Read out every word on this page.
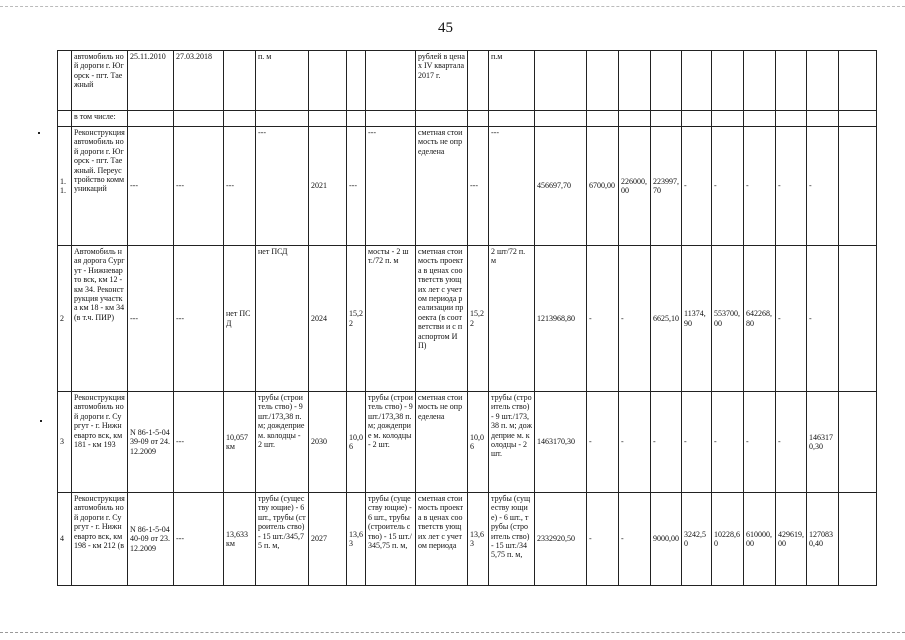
45
	автомобиль ной дороги г. Югорск - пгт. Таежный	25.11.2010	27.03.2018		п. м				рублей в ценах IV квартала 2017 г.		п.м										
	в том числе:																				
1. 1.	Реконструкция автомобиль ной дороги г. Югорск - пгт. Таежный. Переустройство коммуникаций	---	---	---	---	2021	---	---	сметная стоимость не определена	---	---	456697,70	6700,00	226000,00	223997,70	-	-	-	-	-	
2	Автомобиль ная дорога Сургут - Нижневарто вск, км 12 - км 34. Реконструкция участка км 18 - км 34 (в т.ч. ПИР)	---	---	нет ПСД	нет ПСД	2024	15,22	мосты - 2 шт./72 п. м	сметная стоимость проекта в ценах соответств ующих лет с учетом периода реализации проекта (в соответстви и с паспортом ИП)	15,22	2 шт/72 п. м	1213968,80	-	-	6625,10	11374,90	553700,00	642268,80	-	-	
3	Реконструкция автомобиль ной дороги г. Сургут - г. Нижневарто вск, км 181 - км 193	N 86-1-5-0439-09 от 24.12.2009	---	10,057 км	трубы (строитель ство) - 9 шт./173,38 п. м; дождеприе м. колодцы - 2 шт.	2030	10,06	трубы (строитель ство) - 9 шт./173,38 п. м; дождеприе м. колодцы - 2 шт.	сметная стоимость не определена	10,06	трубы (строитель ство) - 9 шт./173,38 п. м; дождеприе м. колодцы - 2 шт.	1463170,30	-	-	-	-	-	-	-	1463170,30	
4	Реконструкция автомобиль ной дороги г. Сургут - г. Нижневарто вск, км 198 - км 212 (в	N 86-1-5-0440-09 от 23.12.2009	---	13,633 км	трубы (существу ющие) - 6 шт., трубы (строитель ство) - 15 шт./345,75 п. м,	2027	13,63	трубы (существу ющие) - 6 шт., трубы (строитель ство) - 15 шт./345,75 п. м,	сметная стоимость проекта в ценах соответств ующих лет с учетом периода	13,63	трубы (существу ющие) - 6 шт., трубы (строитель ство) - 15 шт./345,75 п. м,	2332920,50	-	-	9000,00	3242,50	10228,60	610000,00	429619,00	1270830,40	
